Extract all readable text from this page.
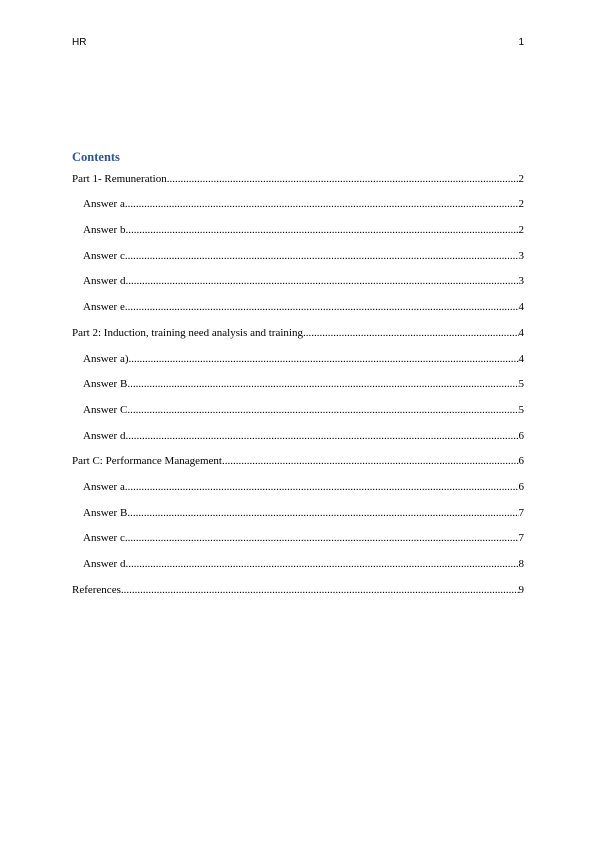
HR	1
Contents
Part 1- Remuneration .....	2
Answer a .....	2
Answer b .....	2
Answer c .....	3
Answer d .....	3
Answer e .....	4
Part 2: Induction, training need analysis and training .....	4
Answer a) .....	4
Answer B .....	5
Answer C .....	5
Answer d .....	6
Part C: Performance Management .....	6
Answer a .....	6
Answer B .....	7
Answer c .....	7
Answer d .....	8
References .....	9
